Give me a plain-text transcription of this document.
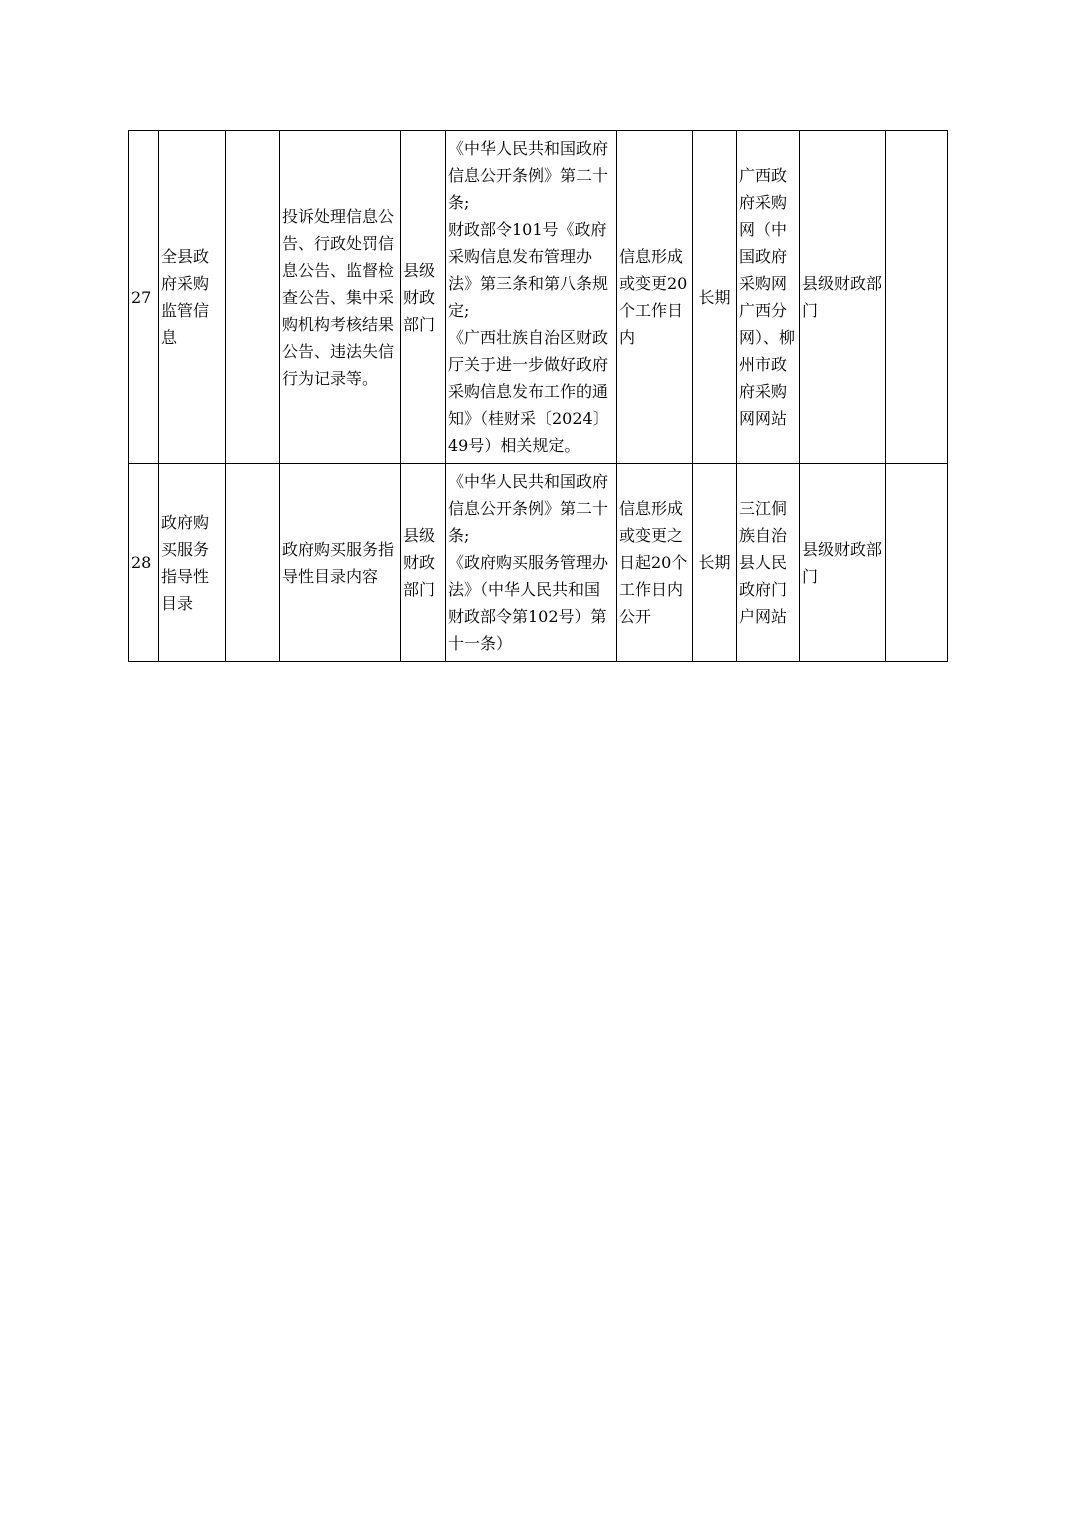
27	全县政府采购监管信息		投诉处理信息公告、行政处罚信息公告、监督检查公告、集中采购机构考核结果公告、违法失信行为记录等。	县级财政部门	《中华人民共和国政府信息公开条例》第二十条;
财政部令101号《政府采购信息发布管理办法》第三条和第八条规定;
《广西壮族自治区财政厅关于进一步做好政府采购信息发布工作的通知》（桂财采〔2024〕49号）相关规定。	信息形成或变更20个工作日内	长期	广西政府采购网（中国政府采购网广西分网）、柳州市政府采购网网站	县级财政部门	
28	政府购买服务指导性目录		政府购买服务指导性目录内容	县级财政部门	《中华人民共和国政府信息公开条例》第二十条;
《政府购买服务管理办法》（中华人民共和国财政部令第102号）第十一条）	信息形成或变更之日起20个工作日内公开	长期	三江侗族自治县人民政府门户网站	县级财政部门	
